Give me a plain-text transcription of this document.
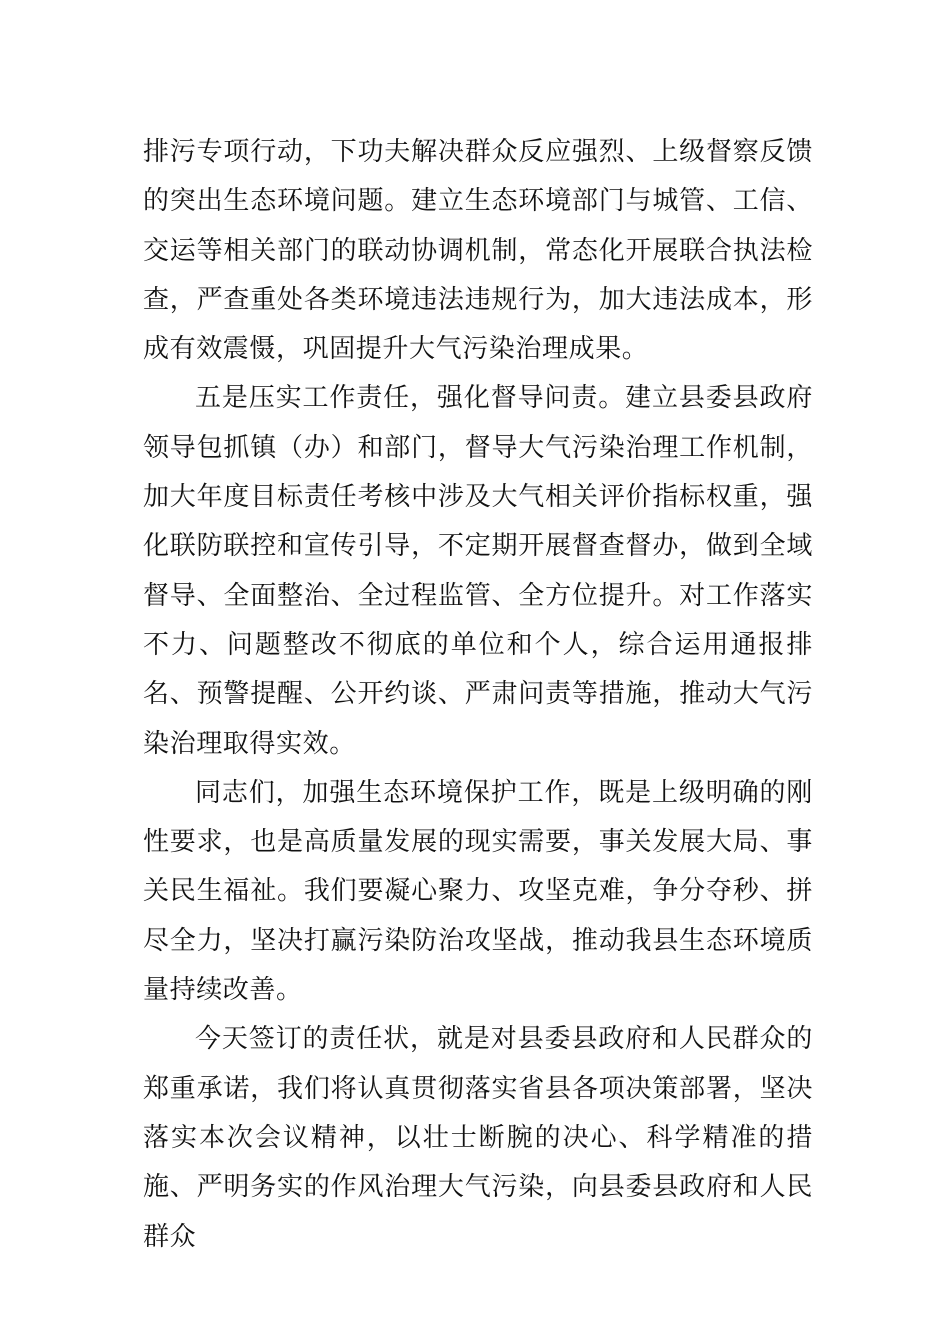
排污专项行动，下功夫解决群众反应强烈、上级督察反馈的突出生态环境问题。建立生态环境部门与城管、工信、交运等相关部门的联动协调机制，常态化开展联合执法检查，严查重处各类环境违法违规行为，加大违法成本，形成有效震慑，巩固提升大气污染治理成果。

五是压实工作责任，强化督导问责。建立县委县政府领导包抓镇（办）和部门，督导大气污染治理工作机制，加大年度目标责任考核中涉及大气相关评价指标权重，强化联防联控和宣传引导，不定期开展督查督办，做到全域督导、全面整治、全过程监管、全方位提升。对工作落实不力、问题整改不彻底的单位和个人，综合运用通报排名、预警提醒、公开约谈、严肃问责等措施，推动大气污染治理取得实效。

同志们，加强生态环境保护工作，既是上级明确的刚性要求，也是高质量发展的现实需要，事关发展大局、事关民生福祉。我们要凝心聚力、攻坚克难，争分夺秒、拼尽全力，坚决打赢污染防治攻坚战，推动我县生态环境质量持续改善。

今天签订的责任状，就是对县委县政府和人民群众的郑重承诺，我们将认真贯彻落实省县各项决策部署，坚决落实本次会议精神，以壮士断腕的决心、科学精准的措施、严明务实的作风治理大气污染，向县委县政府和人民群众
